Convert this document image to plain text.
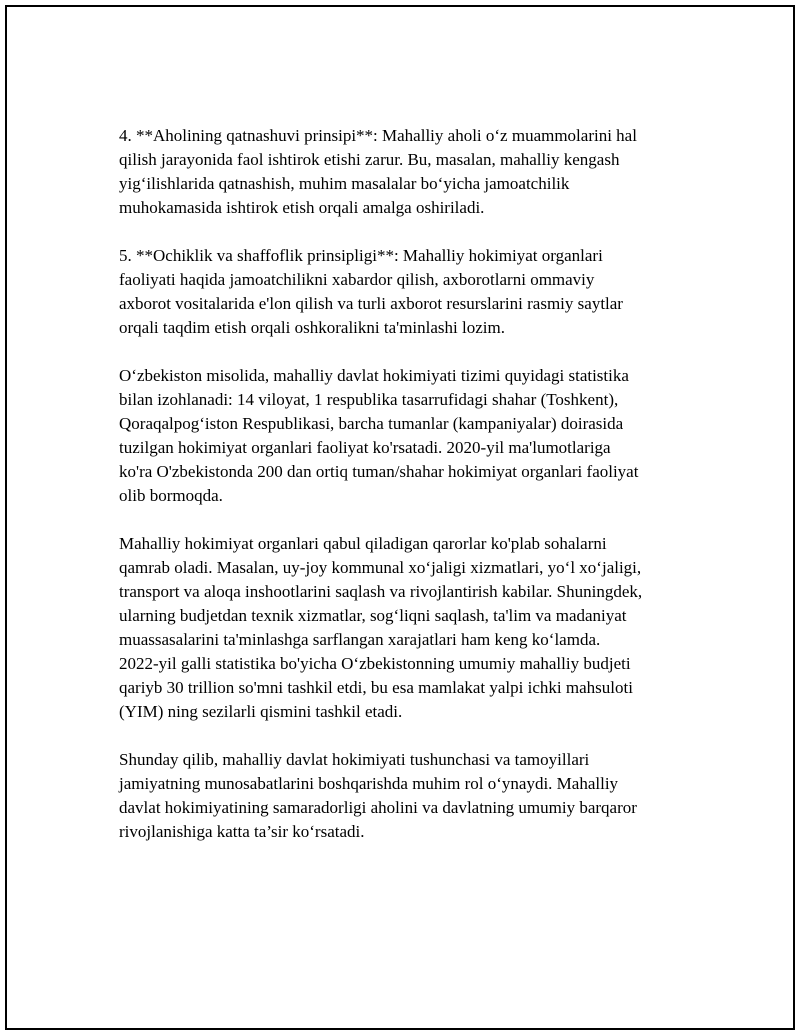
4. **Aholining qatnashuvi prinsipi**: Mahalliy aholi o‘z muammolarini hal
qilish jarayonida faol ishtirok etishi zarur. Bu, masalan, mahalliy kengash
yig‘ilishlarida qatnashish, muhim masalalar bo‘yicha jamoatchilik
muhokamasida ishtirok etish orqali amalga oshiriladi.

5. **Ochiklik va shaffoflik prinsipligi**: Mahalliy hokimiyat organlari
faoliyati haqida jamoatchilikni xabardor qilish, axborotlarni ommaviy
axborot vositalarida e'lon qilish va turli axborot resurslarini rasmiy saytlar
orqali taqdim etish orqali oshkoralikni ta'minlashi lozim.

O‘zbekiston misolida, mahalliy davlat hokimiyati tizimi quyidagi statistika
bilan izohlanadi: 14 viloyat, 1 respublika tasarrufidagi shahar (Toshkent),
Qoraqalpog‘iston Respublikasi, barcha tumanlar (kampaniyalar) doirasida
tuzilgan hokimiyat organlari faoliyat ko'rsatadi. 2020-yil ma'lumotlariga
ko'ra O'zbekistonda 200 dan ortiq tuman/shahar hokimiyat organlari faoliyat
olib bormoqda.

Mahalliy hokimiyat organlari qabul qiladigan qarorlar ko'plab sohalarni
qamrab oladi. Masalan, uy-joy kommunal xo‘jaligi xizmatlari, yo‘l xo‘jaligi,
transport va aloqa inshootlarini saqlash va rivojlantirish kabilar. Shuningdek,
ularning budjetdan texnik xizmatlar, sog‘liqni saqlash, ta'lim va madaniyat
muassasalarini ta'minlashga sarflangan xarajatlari ham keng ko‘lamda.
2022-yil galli statistika bo'yicha O‘zbekistonning umumiy mahalliy budjeti
qariyb 30 trillion so'mni tashkil etdi, bu esa mamlakat yalpi ichki mahsuloti
(YIM) ning sezilarli qismini tashkil etadi.

Shunday qilib, mahalliy davlat hokimiyati tushunchasi va tamoyillari
jamiyatning munosabatlarini boshqarishda muhim rol o‘ynaydi. Mahalliy
davlat hokimiyatining samaradorligi aholini va davlatning umumiy barqaror
rivojlanishiga katta ta’sir ko‘rsatadi.
